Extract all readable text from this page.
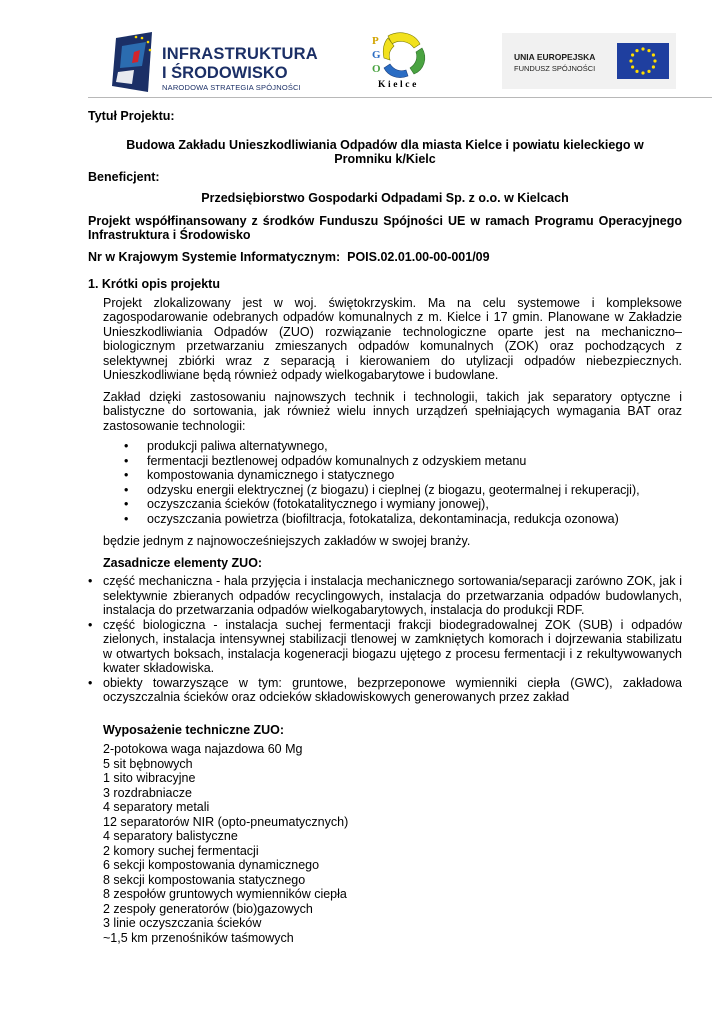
INFRASTRUKTURA
I ŚRODOWISKO
NARODOWA STRATEGIA SPÓJNOŚCI
P
G
O
Kielce
UNIA EUROPEJSKA
FUNDUSZ SPÓJNOŚCI
Tytuł Projektu:
Budowa Zakładu Unieszkodliwiania Odpadów dla miasta Kielce i powiatu kieleckiego w Promniku k/Kielc
Beneficjent:
Przedsiębiorstwo Gospodarki Odpadami Sp. z o.o. w Kielcach
Projekt współfinansowany z środków Funduszu Spójności UE w ramach Programu Operacyjnego Infrastruktura i Środowisko
Nr w Krajowym Systemie Informatycznym: POIS.02.01.00-00-001/09
1. Krótki opis projektu
Projekt zlokalizowany jest w woj. świętokrzyskim. Ma na celu systemowe i kompleksowe zagospodarowanie odebranych odpadów komunalnych z m. Kielce i 17 gmin. Planowane w Zakładzie Unieszkodliwiania Odpadów (ZUO) rozwiązanie technologiczne oparte jest na mechaniczno–biologicznym przetwarzaniu zmieszanych odpadów komunalnych (ZOK) oraz pochodzących z selektywnej zbiórki wraz z separacją i kierowaniem do utylizacji odpadów niebezpiecznych. Unieszkodliwiane będą również odpady wielkogabarytowe i budowlane.
Zakład dzięki zastosowaniu najnowszych technik i technologii, takich jak separatory optyczne i balistyczne do sortowania, jak również wielu innych urządzeń spełniających wymagania BAT oraz zastosowanie technologii:
• produkcji paliwa alternatywnego,
• fermentacji beztlenowej odpadów komunalnych z odzyskiem metanu
• kompostowania dynamicznego i statycznego
• odzysku energii elektrycznej (z biogazu) i cieplnej (z biogazu, geotermalnej i rekuperacji),
• oczyszczania ścieków (fotokatalitycznego i wymiany jonowej),
• oczyszczania powietrza (biofiltracja, fotokataliza, dekontaminacja, redukcja ozonowa)
będzie jednym z najnowocześniejszych zakładów w swojej branży.
Zasadnicze elementy ZUO:
• część mechaniczna - hala przyjęcia i instalacja mechanicznego sortowania/separacji zarówno ZOK, jak i selektywnie zbieranych odpadów recyclingowych, instalacja do przetwarzania odpadów budowlanych, instalacja do przetwarzania odpadów wielkogabarytowych, instalacja do produkcji RDF.
• część biologiczna - instalacja suchej fermentacji frakcji biodegradowalnej ZOK (SUB) i odpadów zielonych, instalacja intensywnej stabilizacji tlenowej w zamkniętych komorach i dojrzewania stabilizatu w otwartych boksach, instalacja kogeneracji biogazu ujętego z procesu fermentacji i z rekultywowanych kwater składowiska.
• obiekty towarzyszące w tym: gruntowe, bezprzeponowe wymienniki ciepła (GWC), zakładowa oczyszczalnia ścieków oraz odcieków składowiskowych generowanych przez zakład
Wyposażenie techniczne ZUO:
2-potokowa waga najazdowa 60 Mg
5 sit bębnowych
1 sito wibracyjne
3 rozdrabniacze
4 separatory metali
12 separatorów NIR (opto-pneumatycznych)
4 separatory balistyczne
2 komory suchej fermentacji
6 sekcji kompostowania dynamicznego
8 sekcji kompostowania statycznego
8 zespołów gruntowych wymienników ciepła
2 zespoły generatorów (bio)gazowych
3 linie oczyszczania ścieków
~1,5 km przenośników taśmowych
